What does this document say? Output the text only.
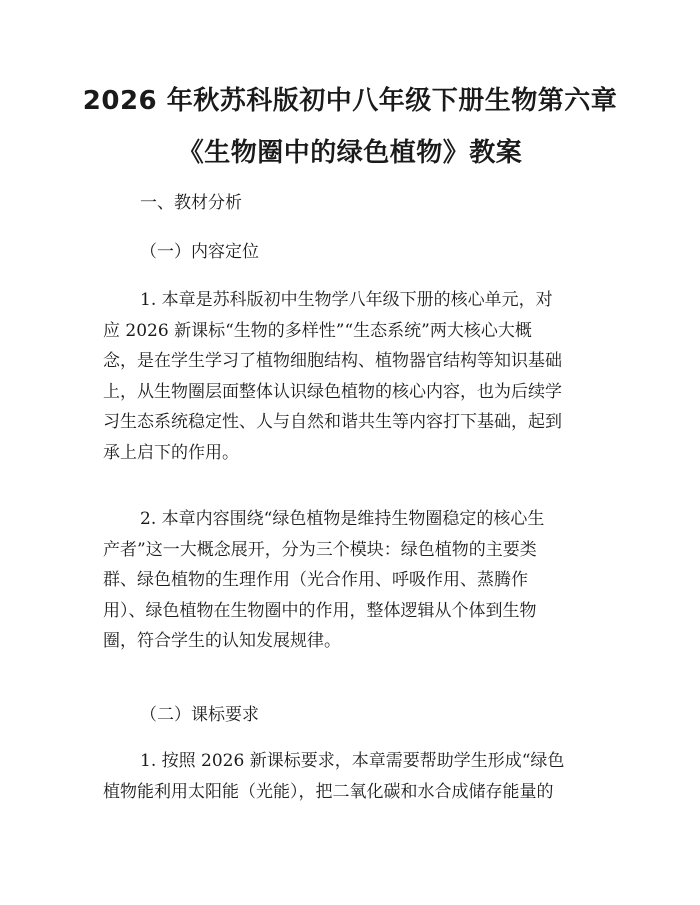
2026 年秋苏科版初中八年级下册生物第六章
《生物圈中的绿色植物》教案
一、教材分析
（一）内容定位
1. 本章是苏科版初中生物学八年级下册的核心单元，对
应 2026 新课标“生物的多样性”“生态系统”两大核心大概
念，是在学生学习了植物细胞结构、植物器官结构等知识基础
上，从生物圈层面整体认识绿色植物的核心内容，也为后续学
习生态系统稳定性、人与自然和谐共生等内容打下基础，起到
承上启下的作用。
2. 本章内容围绕“绿色植物是维持生物圈稳定的核心生
产者”这一大概念展开，分为三个模块：绿色植物的主要类
群、绿色植物的生理作用（光合作用、呼吸作用、蒸腾作
用）、绿色植物在生物圈中的作用，整体逻辑从个体到生物
圈，符合学生的认知发展规律。
（二）课标要求
1. 按照 2026 新课标要求，本章需要帮助学生形成“绿色
植物能利用太阳能（光能），把二氧化碳和水合成储存能量的
